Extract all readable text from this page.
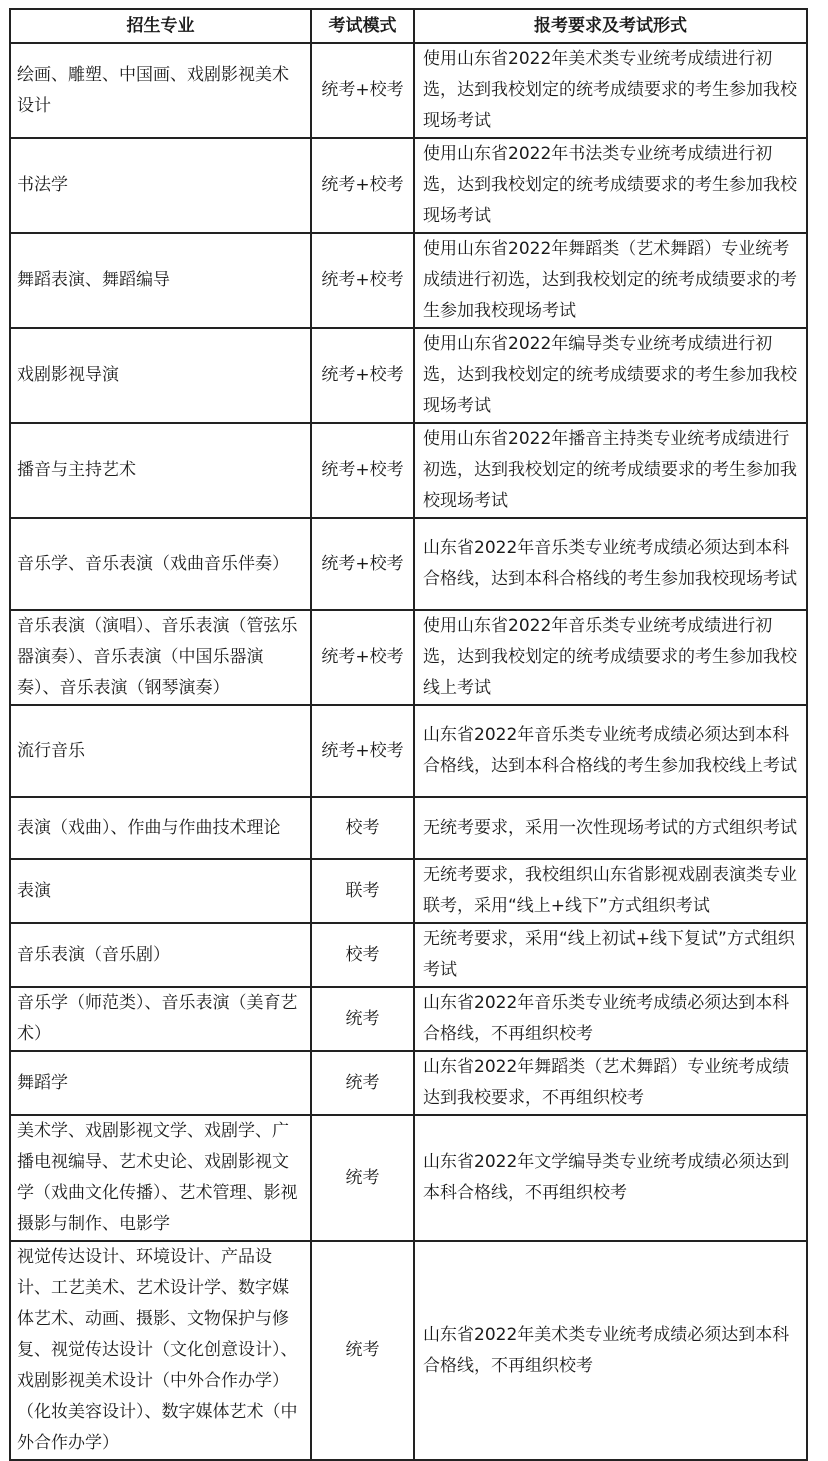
招生专业	考试模式	报考要求及考试形式
绘画、雕塑、中国画、戏剧影视美术设计	统考+校考	使用山东省2022年美术类专业统考成绩进行初选，达到我校划定的统考成绩要求的考生参加我校现场考试
书法学	统考+校考	使用山东省2022年书法类专业统考成绩进行初选，达到我校划定的统考成绩要求的考生参加我校现场考试
舞蹈表演、舞蹈编导	统考+校考	使用山东省2022年舞蹈类（艺术舞蹈）专业统考成绩进行初选，达到我校划定的统考成绩要求的考生参加我校现场考试
戏剧影视导演	统考+校考	使用山东省2022年编导类专业统考成绩进行初选，达到我校划定的统考成绩要求的考生参加我校现场考试
播音与主持艺术	统考+校考	使用山东省2022年播音主持类专业统考成绩进行初选，达到我校划定的统考成绩要求的考生参加我校现场考试
音乐学、音乐表演（戏曲音乐伴奏）	统考+校考	山东省2022年音乐类专业统考成绩必须达到本科合格线，达到本科合格线的考生参加我校现场考试
音乐表演（演唱）、音乐表演（管弦乐器演奏）、音乐表演（中国乐器演奏）、音乐表演（钢琴演奏）	统考+校考	使用山东省2022年音乐类专业统考成绩进行初选，达到我校划定的统考成绩要求的考生参加我校线上考试
流行音乐	统考+校考	山东省2022年音乐类专业统考成绩必须达到本科合格线，达到本科合格线的考生参加我校线上考试
表演（戏曲）、作曲与作曲技术理论	校考	无统考要求，采用一次性现场考试的方式组织考试
表演	联考	无统考要求，我校组织山东省影视戏剧表演类专业联考，采用“线上+线下”方式组织考试
音乐表演（音乐剧）	校考	无统考要求，采用“线上初试+线下复试”方式组织考试
音乐学（师范类）、音乐表演（美育艺术）	统考	山东省2022年音乐类专业统考成绩必须达到本科合格线，不再组织校考
舞蹈学	统考	山东省2022年舞蹈类（艺术舞蹈）专业统考成绩达到我校要求，不再组织校考
美术学、戏剧影视文学、戏剧学、广播电视编导、艺术史论、戏剧影视文学（戏曲文化传播）、艺术管理、影视摄影与制作、电影学	统考	山东省2022年文学编导类专业统考成绩必须达到本科合格线，不再组织校考
视觉传达设计、环境设计、产品设计、工艺美术、艺术设计学、数字媒体艺术、动画、摄影、文物保护与修复、视觉传达设计（文化创意设计）、戏剧影视美术设计（中外合作办学）（化妆美容设计）、数字媒体艺术（中外合作办学）	统考	山东省2022年美术类专业统考成绩必须达到本科合格线，不再组织校考
